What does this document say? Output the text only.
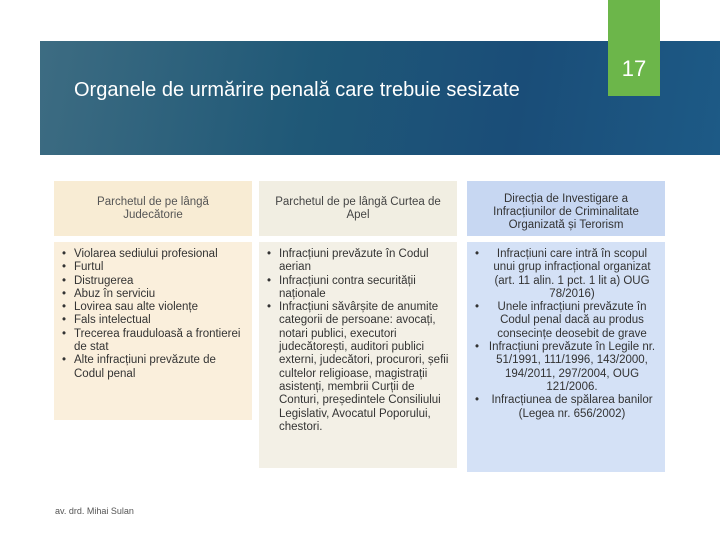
Organele de urmărire penală care trebuie sesizate
17
Parchetul de pe lângă Judecătorie
• Violarea sediului profesional
• Furtul
• Distrugerea
• Abuz în serviciu
• Lovirea sau alte violențe
• Fals intelectual
• Trecerea frauduloasă a frontierei de stat
• Alte infracțiuni prevăzute de Codul penal
Parchetul de pe lângă Curtea de Apel
• Infracțiuni prevăzute în Codul aerian
• Infracțiuni contra securității naționale
• Infracțiuni săvârșite de anumite categorii de persoane: avocați, notari publici, executori judecătorești, auditori publici externi, judecători, procurori, șefii cultelor religioase, magistrații asistenți, membrii Curții de Conturi, președintele Consiliului Legislativ, Avocatul Poporului, chestori.
Direcția de Investigare a Infracțiunilor de Criminalitate Organizată și Terorism
• Infracțiuni care intră în scopul unui grup infracțional organizat (art. 11 alin. 1 pct. 1 lit a) OUG 78/2016)
• Unele infracțiuni prevăzute în Codul penal dacă au produs consecințe deosebit de grave
• Infracțiuni prevăzute în Legile nr. 51/1991, 111/1996, 143/2000, 194/2011, 297/2004, OUG 121/2006.
• Infracțiunea de spălarea banilor (Legea nr. 656/2002)
av. drd. Mihai Sulan
